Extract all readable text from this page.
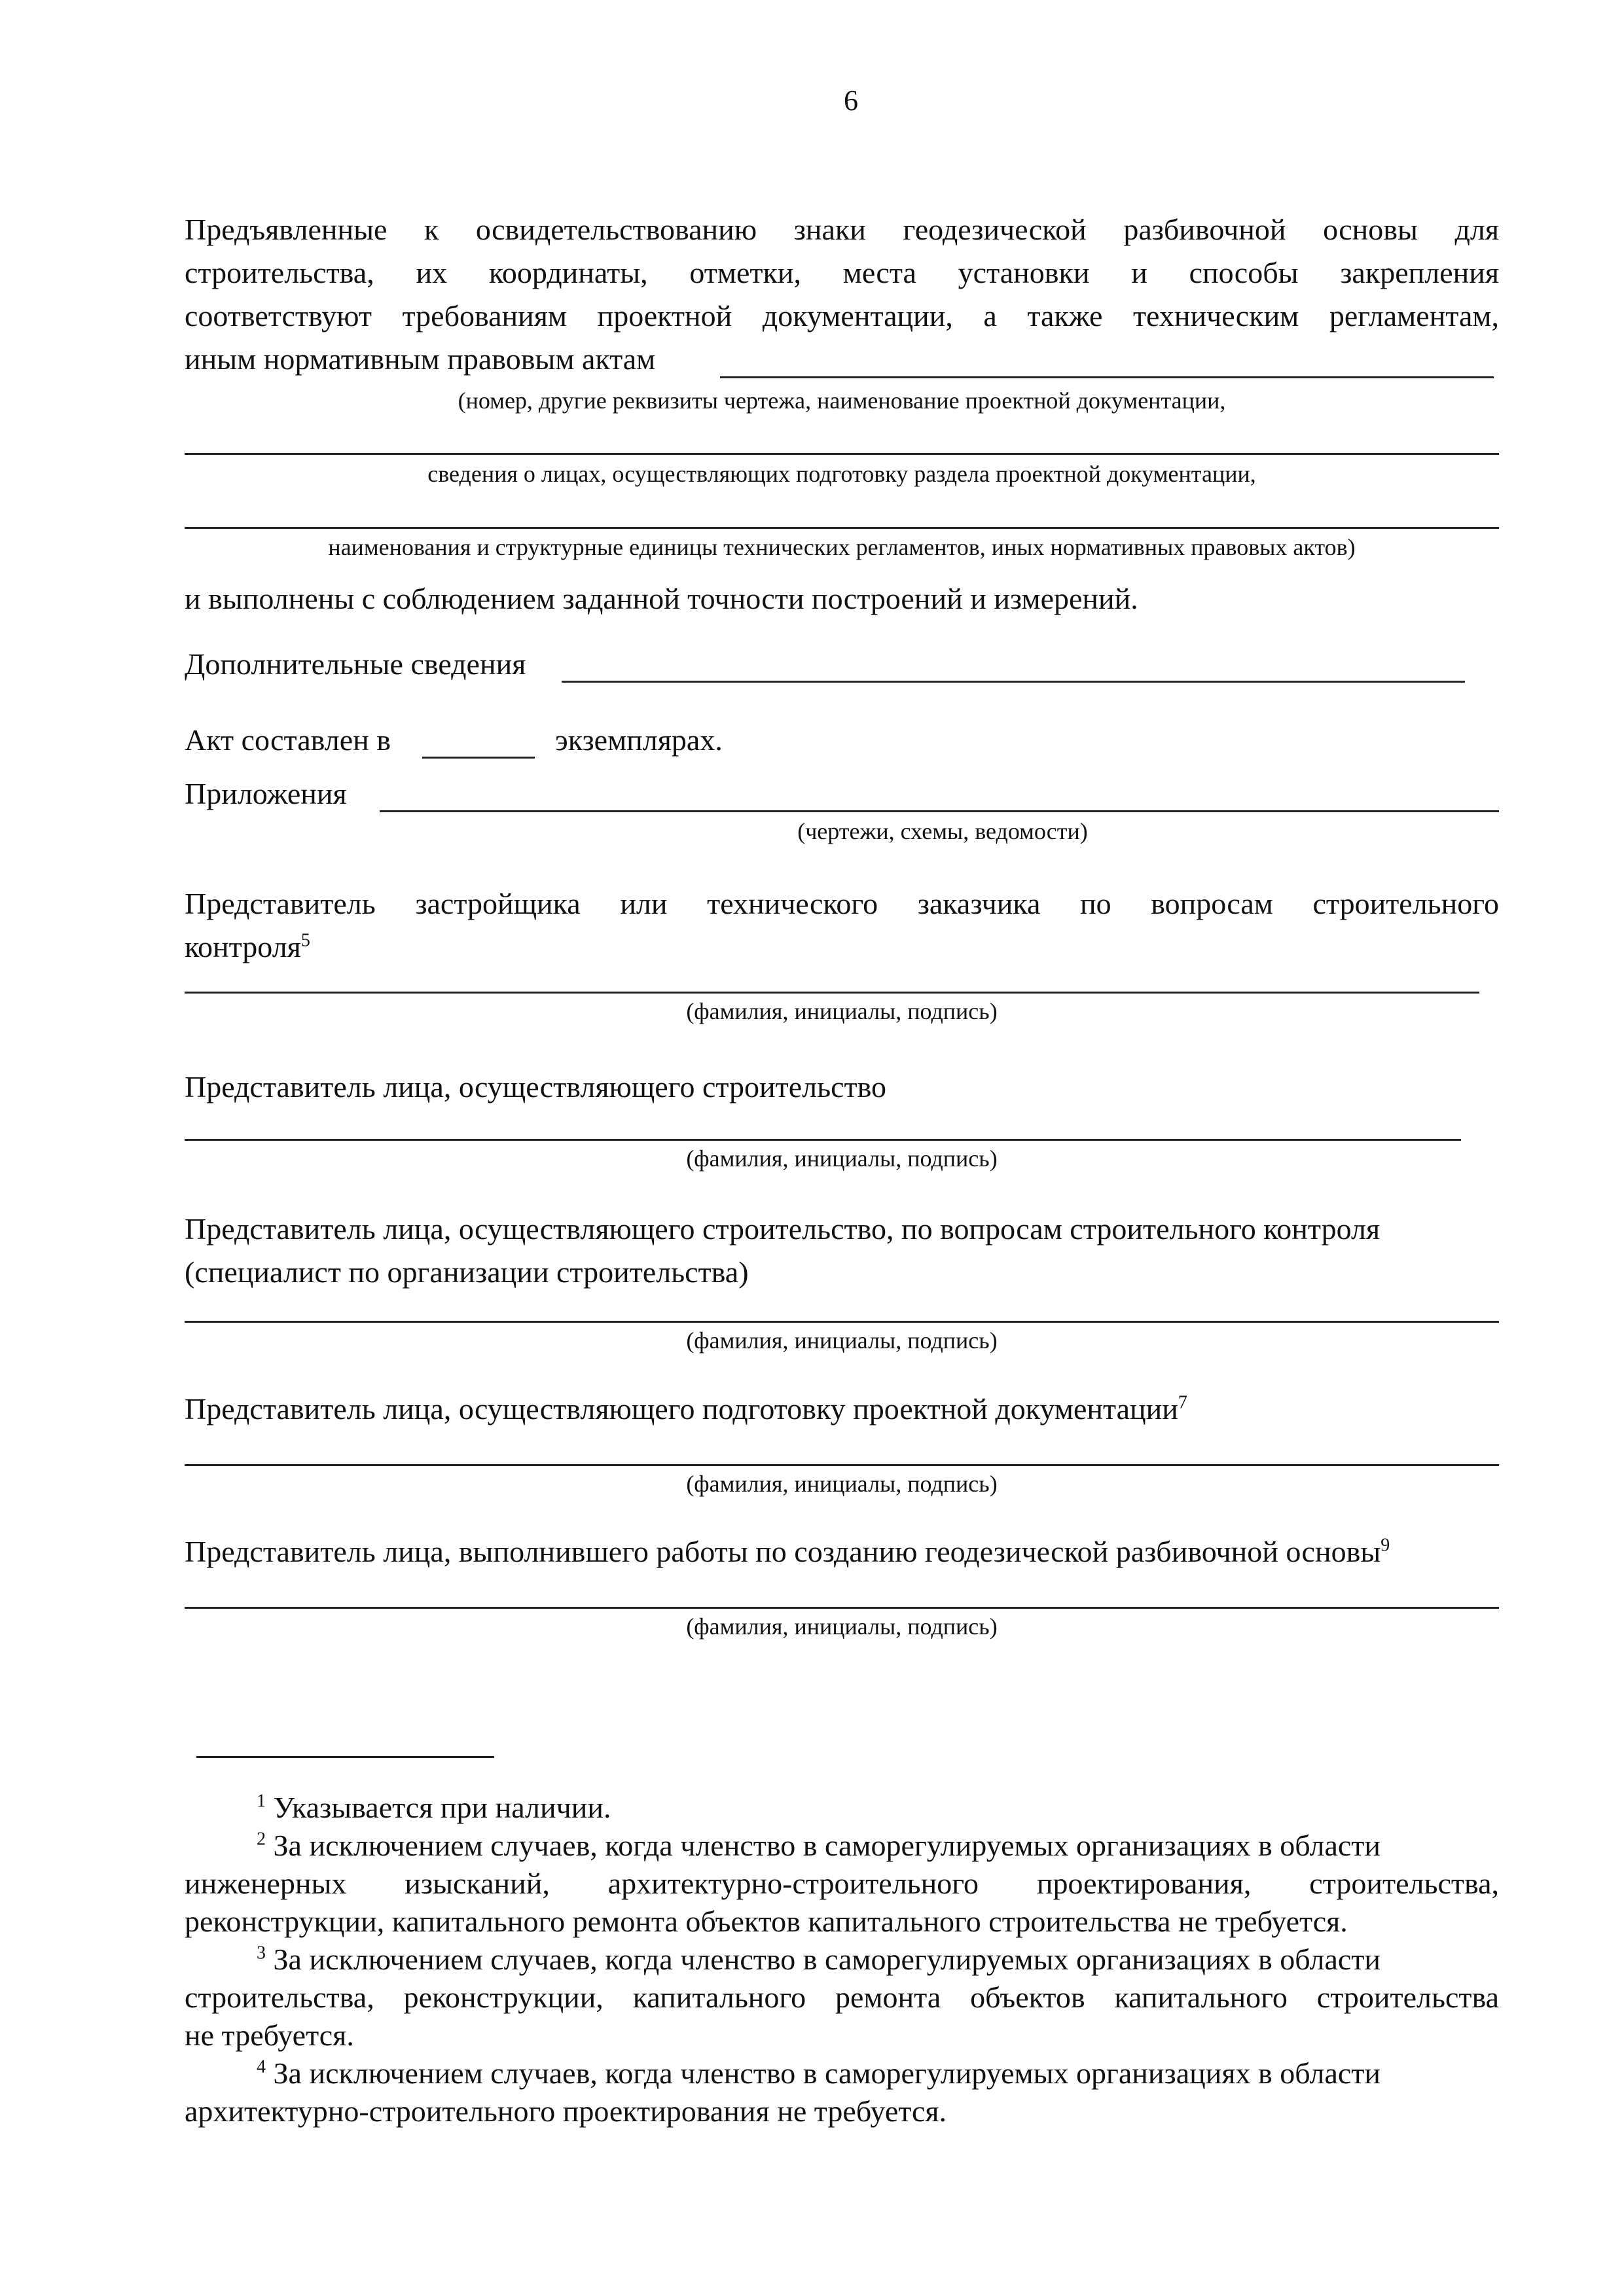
6
Предъявленные к освидетельствованию знаки геодезической разбивочной основы для
строительства, их координаты, отметки, места установки и способы закрепления
соответствуют требованиям проектной документации, а также техническим регламентам,
иным нормативным правовым актам
(номер, другие реквизиты чертежа, наименование проектной документации,
сведения о лицах, осуществляющих подготовку раздела проектной документации,
наименования и структурные единицы технических регламентов, иных нормативных правовых актов)
и выполнены с соблюдением заданной точности построений и измерений.
Дополнительные сведения
Акт составлен в	экземплярах.
Приложения
(чертежи, схемы, ведомости)
Представитель застройщика или технического заказчика по вопросам строительного
контроля$^5$
(фамилия, инициалы, подпись)
Представитель лица, осуществляющего строительство
(фамилия, инициалы, подпись)
Представитель лица, осуществляющего строительство, по вопросам строительного контроля
(специалист по организации строительства)
(фамилия, инициалы, подпись)
Представитель лица, осуществляющего подготовку проектной документации$^7$
(фамилия, инициалы, подпись)
Представитель лица, выполнившего работы по созданию геодезической разбивочной основы$^9$
(фамилия, инициалы, подпись)
$^1$ Указывается при наличии.
$^2$ За исключением случаев, когда членство в саморегулируемых организациях в области
инженерных изысканий, архитектурно-строительного проектирования, строительства,
реконструкции, капитального ремонта объектов капитального строительства не требуется.
$^3$ За исключением случаев, когда членство в саморегулируемых организациях в области
строительства, реконструкции, капитального ремонта объектов капитального строительства
не требуется.
$^4$ За исключением случаев, когда членство в саморегулируемых организациях в области
архитектурно-строительного проектирования не требуется.
